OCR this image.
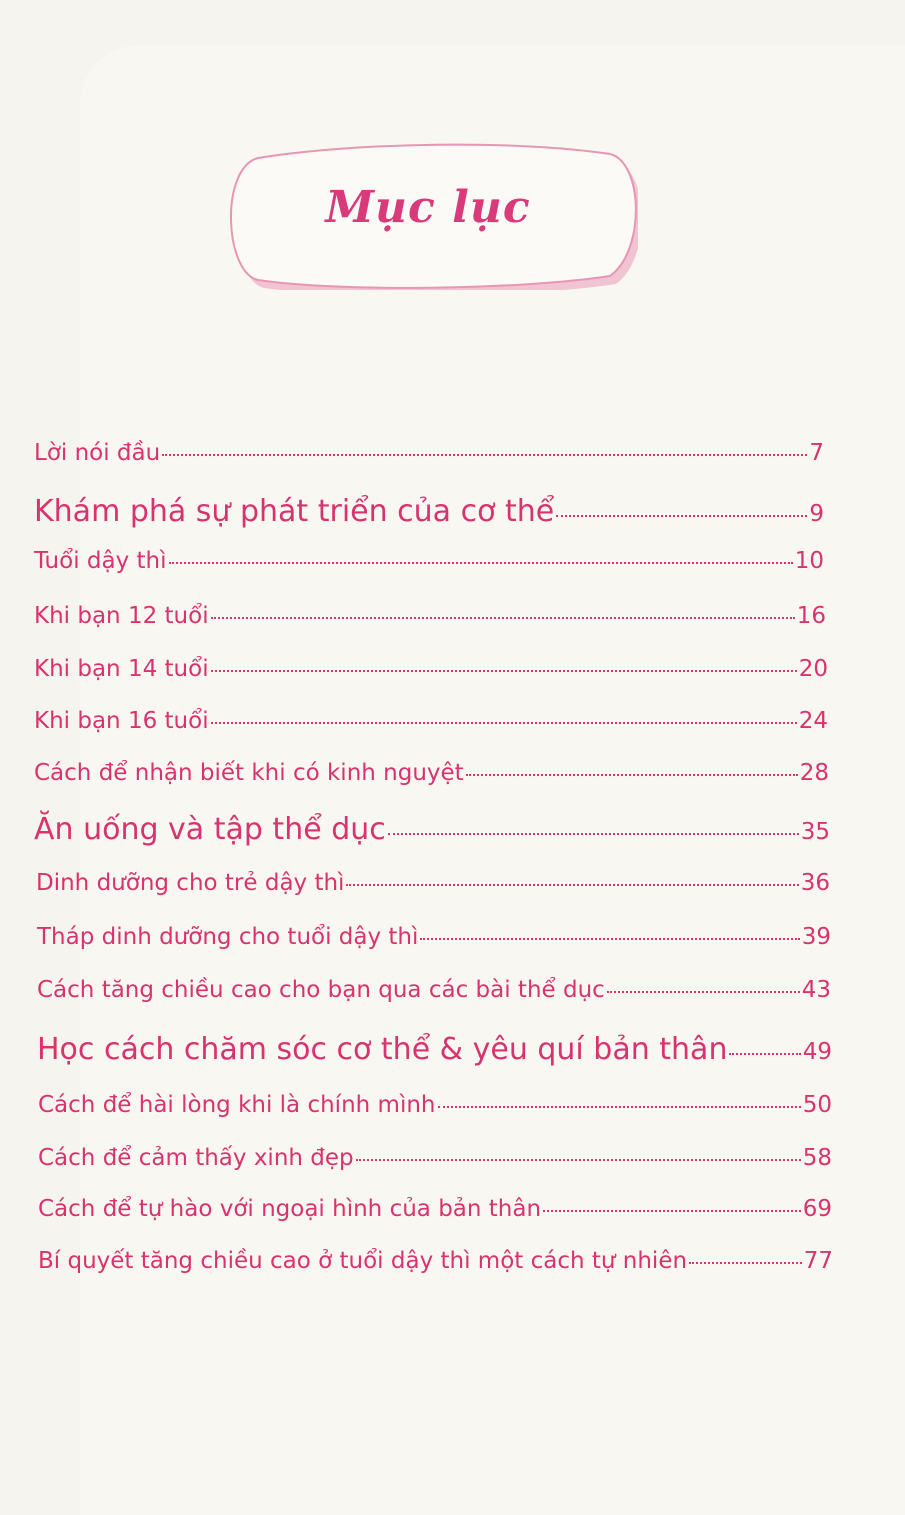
Mục lục
Lời nói đầu	7
Khám phá sự phát triển của cơ thể	9
Tuổi dậy thì	10
Khi bạn 12 tuổi	16
Khi bạn 14 tuổi	20
Khi bạn 16 tuổi	24
Cách để nhận biết khi có kinh nguyệt	28
Ăn uống và tập thể dục	35
Dinh dưỡng cho trẻ dậy thì	36
Tháp dinh dưỡng cho tuổi dậy thì	39
Cách tăng chiều cao cho bạn qua các bài thể dục	43
Học cách chăm sóc cơ thể & yêu quí bản thân	49
Cách để hài lòng khi là chính mình	50
Cách để cảm thấy xinh đẹp	58
Cách để tự hào với ngoại hình của bản thân	69
Bí quyết tăng chiều cao ở tuổi dậy thì một cách tự nhiên	77
